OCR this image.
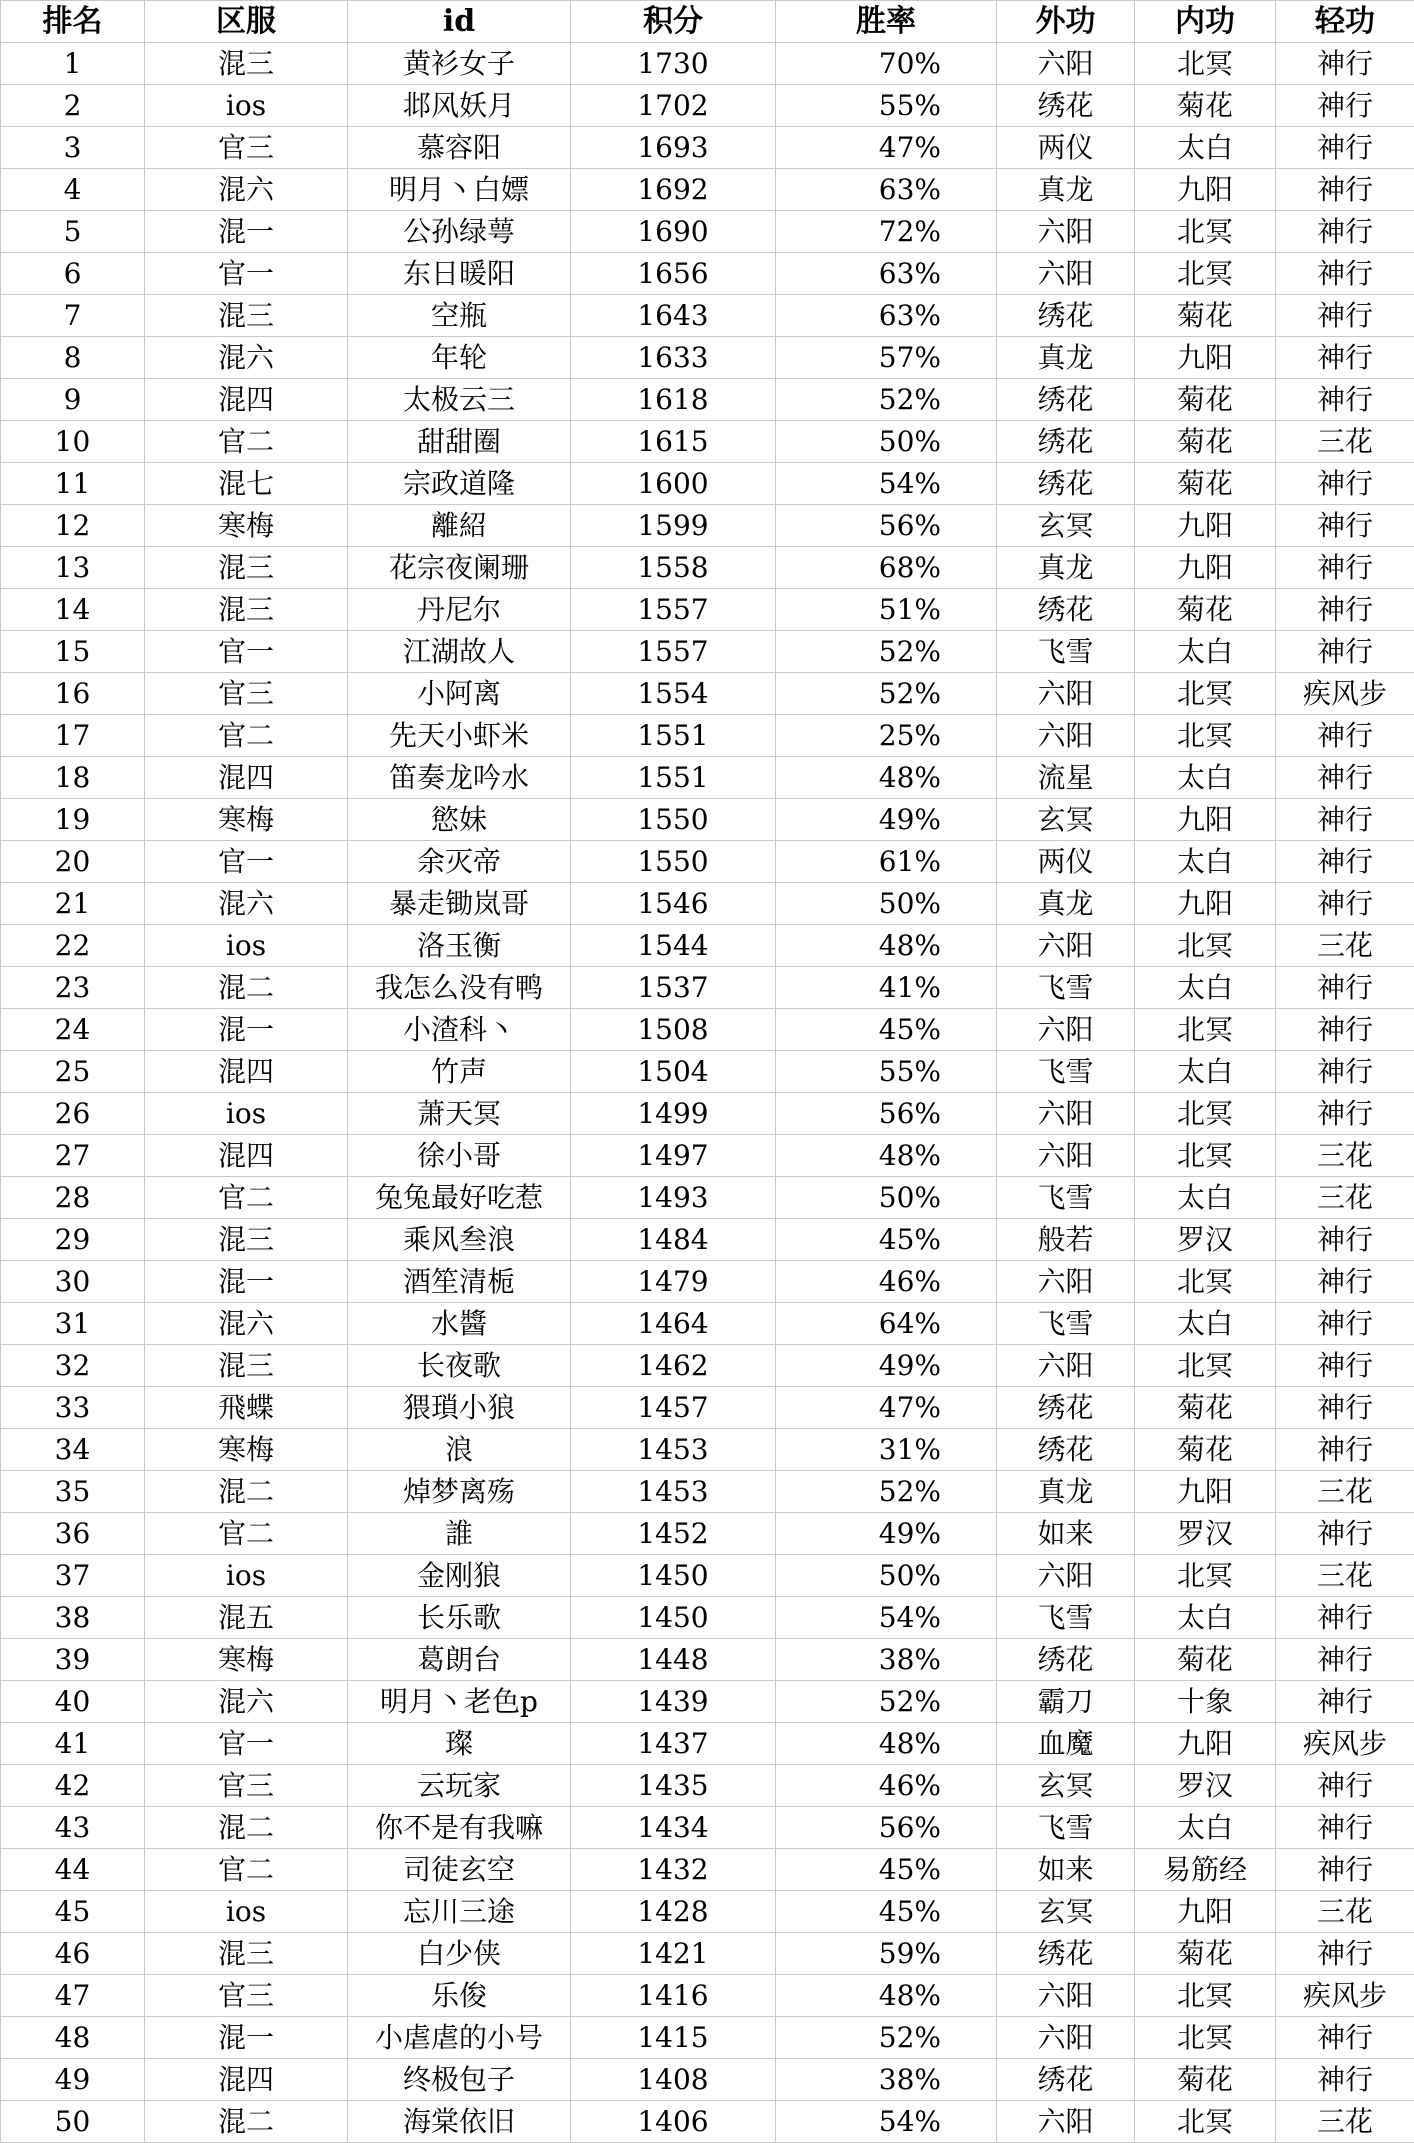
排名	区服	id	积分	胜率	外功	内功	轻功
1	混三	黄衫女子	1730	70%	六阳	北冥	神行
2	ios	邶风妖月	1702	55%	绣花	菊花	神行
3	官三	慕容阳	1693	47%	两仪	太白	神行
4	混六	明月丶白嫖	1692	63%	真龙	九阳	神行
5	混一	公孙绿萼	1690	72%	六阳	北冥	神行
6	官一	东日暖阳	1656	63%	六阳	北冥	神行
7	混三	空瓶	1643	63%	绣花	菊花	神行
8	混六	年轮	1633	57%	真龙	九阳	神行
9	混四	太极云三	1618	52%	绣花	菊花	神行
10	官二	甜甜圈	1615	50%	绣花	菊花	三花
11	混七	宗政道隆	1600	54%	绣花	菊花	神行
12	寒梅	離紹	1599	56%	玄冥	九阳	神行
13	混三	花宗夜阑珊	1558	68%	真龙	九阳	神行
14	混三	丹尼尔	1557	51%	绣花	菊花	神行
15	官一	江湖故人	1557	52%	飞雪	太白	神行
16	官三	小阿离	1554	52%	六阳	北冥	疾风步
17	官二	先天小虾米	1551	25%	六阳	北冥	神行
18	混四	笛奏龙吟水	1551	48%	流星	太白	神行
19	寒梅	慾妹	1550	49%	玄冥	九阳	神行
20	官一	余灭帝	1550	61%	两仪	太白	神行
21	混六	暴走锄岚哥	1546	50%	真龙	九阳	神行
22	ios	洛玉衡	1544	48%	六阳	北冥	三花
23	混二	我怎么没有鸭	1537	41%	飞雪	太白	神行
24	混一	小渣科丶	1508	45%	六阳	北冥	神行
25	混四	竹声	1504	55%	飞雪	太白	神行
26	ios	萧天冥	1499	56%	六阳	北冥	神行
27	混四	徐小哥	1497	48%	六阳	北冥	三花
28	官二	兔兔最好吃惹	1493	50%	飞雪	太白	三花
29	混三	乘风叁浪	1484	45%	般若	罗汉	神行
30	混一	酒笙清栀	1479	46%	六阳	北冥	神行
31	混六	水醬	1464	64%	飞雪	太白	神行
32	混三	长夜歌	1462	49%	六阳	北冥	神行
33	飛蝶	猥瑣小狼	1457	47%	绣花	菊花	神行
34	寒梅	浪	1453	31%	绣花	菊花	神行
35	混二	焯梦离殇	1453	52%	真龙	九阳	三花
36	官二	誰	1452	49%	如来	罗汉	神行
37	ios	金刚狼	1450	50%	六阳	北冥	三花
38	混五	长乐歌	1450	54%	飞雪	太白	神行
39	寒梅	葛朗台	1448	38%	绣花	菊花	神行
40	混六	明月丶老色p	1439	52%	霸刀	十象	神行
41	官一	璨	1437	48%	血魔	九阳	疾风步
42	官三	云玩家	1435	46%	玄冥	罗汉	神行
43	混二	你不是有我嘛	1434	56%	飞雪	太白	神行
44	官二	司徒玄空	1432	45%	如来	易筋经	神行
45	ios	忘川三途	1428	45%	玄冥	九阳	三花
46	混三	白少侠	1421	59%	绣花	菊花	神行
47	官三	乐俊	1416	48%	六阳	北冥	疾风步
48	混一	小虐虐的小号	1415	52%	六阳	北冥	神行
49	混四	终极包子	1408	38%	绣花	菊花	神行
50	混二	海棠依旧	1406	54%	六阳	北冥	三花
